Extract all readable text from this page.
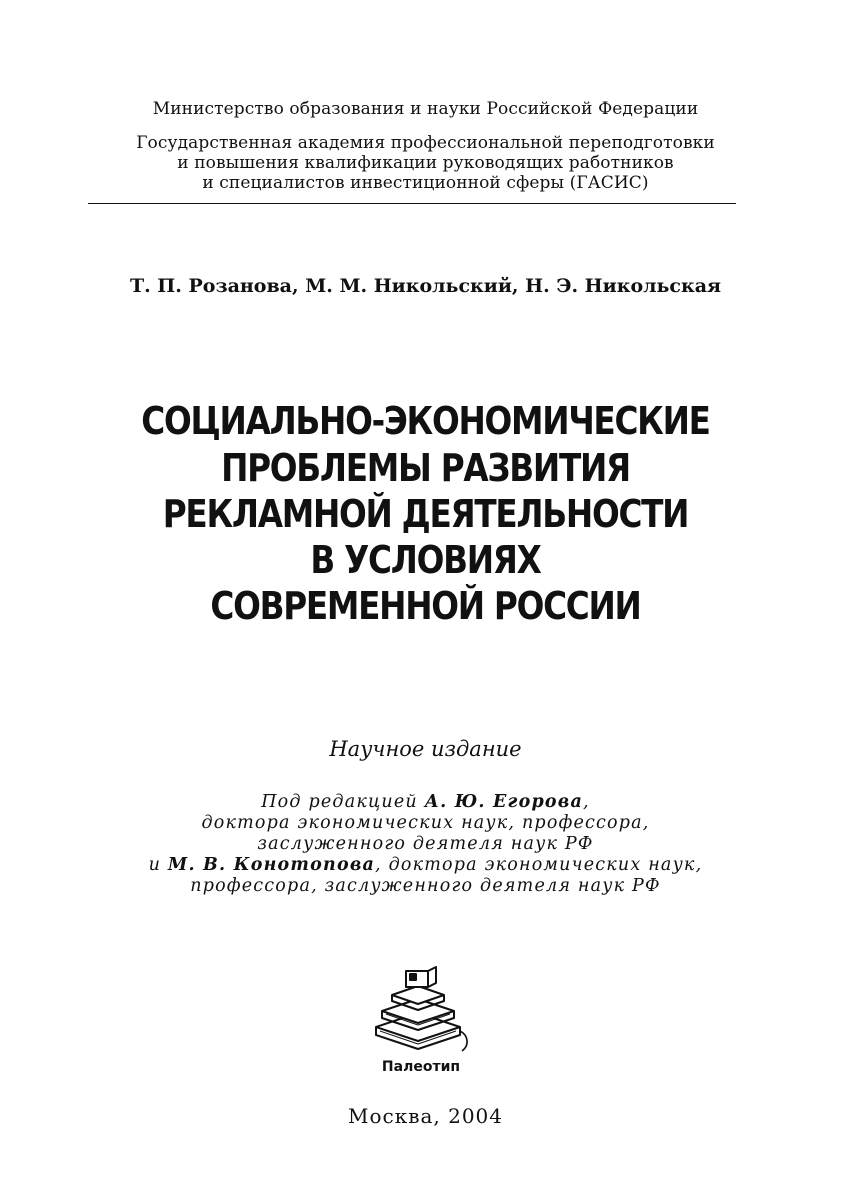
Министерство образования и науки Российской Федерации
Государственная академия профессиональной переподготовки
и повышения квалификации руководящих работников
и специалистов инвестиционной сферы (ГАСИС)
Т. П. Розанова, М. М. Никольский, Н. Э. Никольская
СОЦИАЛЬНО-ЭКОНОМИЧЕСКИЕ
ПРОБЛЕМЫ РАЗВИТИЯ
РЕКЛАМНОЙ ДЕЯТЕЛЬНОСТИ
В УСЛОВИЯХ
СОВРЕМЕННОЙ РОССИИ
Научное издание
Под редакцией А. Ю. Егорова,
доктора экономических наук, профессора,
заслуженного деятеля наук РФ
и М. В. Конотопова, доктора экономических наук,
профессора, заслуженного деятеля наук РФ
Палеотип
Москва, 2004
